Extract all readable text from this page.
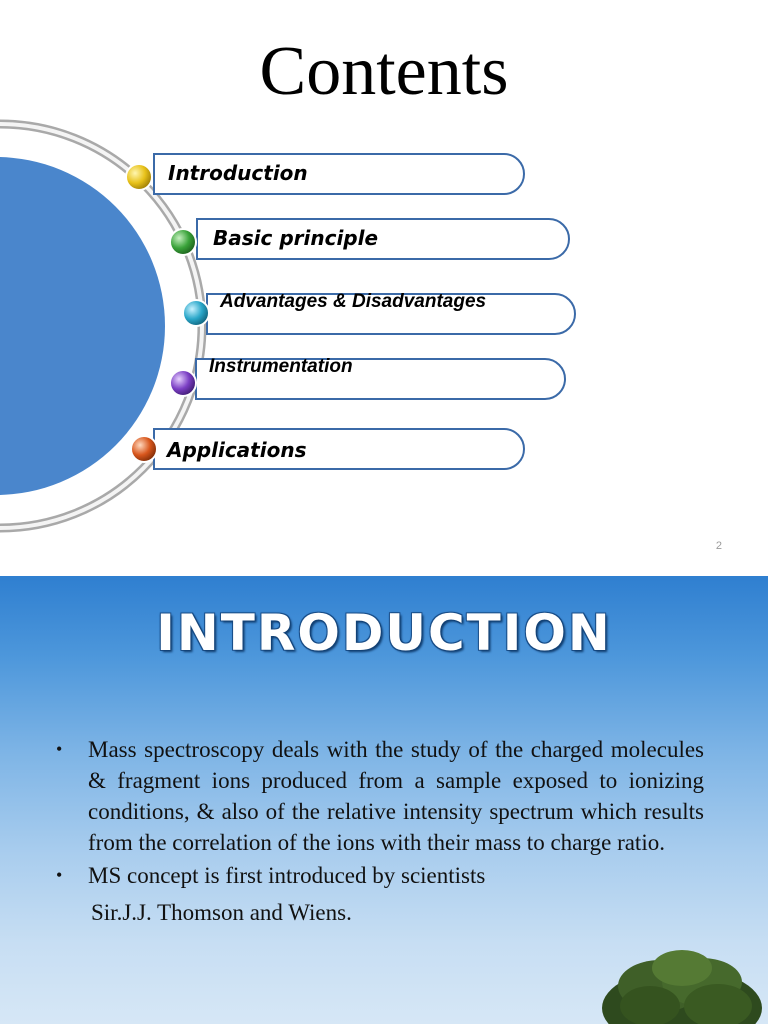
Contents
Introduction
Basic principle
Advantages & Disadvantages
Instrumentation
Applications
2
INTRODUCTION

• Mass spectroscopy deals with the study of the charged molecules & fragment ions produced from a sample exposed to ionizing conditions, & also of the relative intensity spectrum which results from the correlation of the ions with their mass to charge ratio.

• MS concept is first introduced by scientists

Sir.J.J. Thomson and Wiens.
